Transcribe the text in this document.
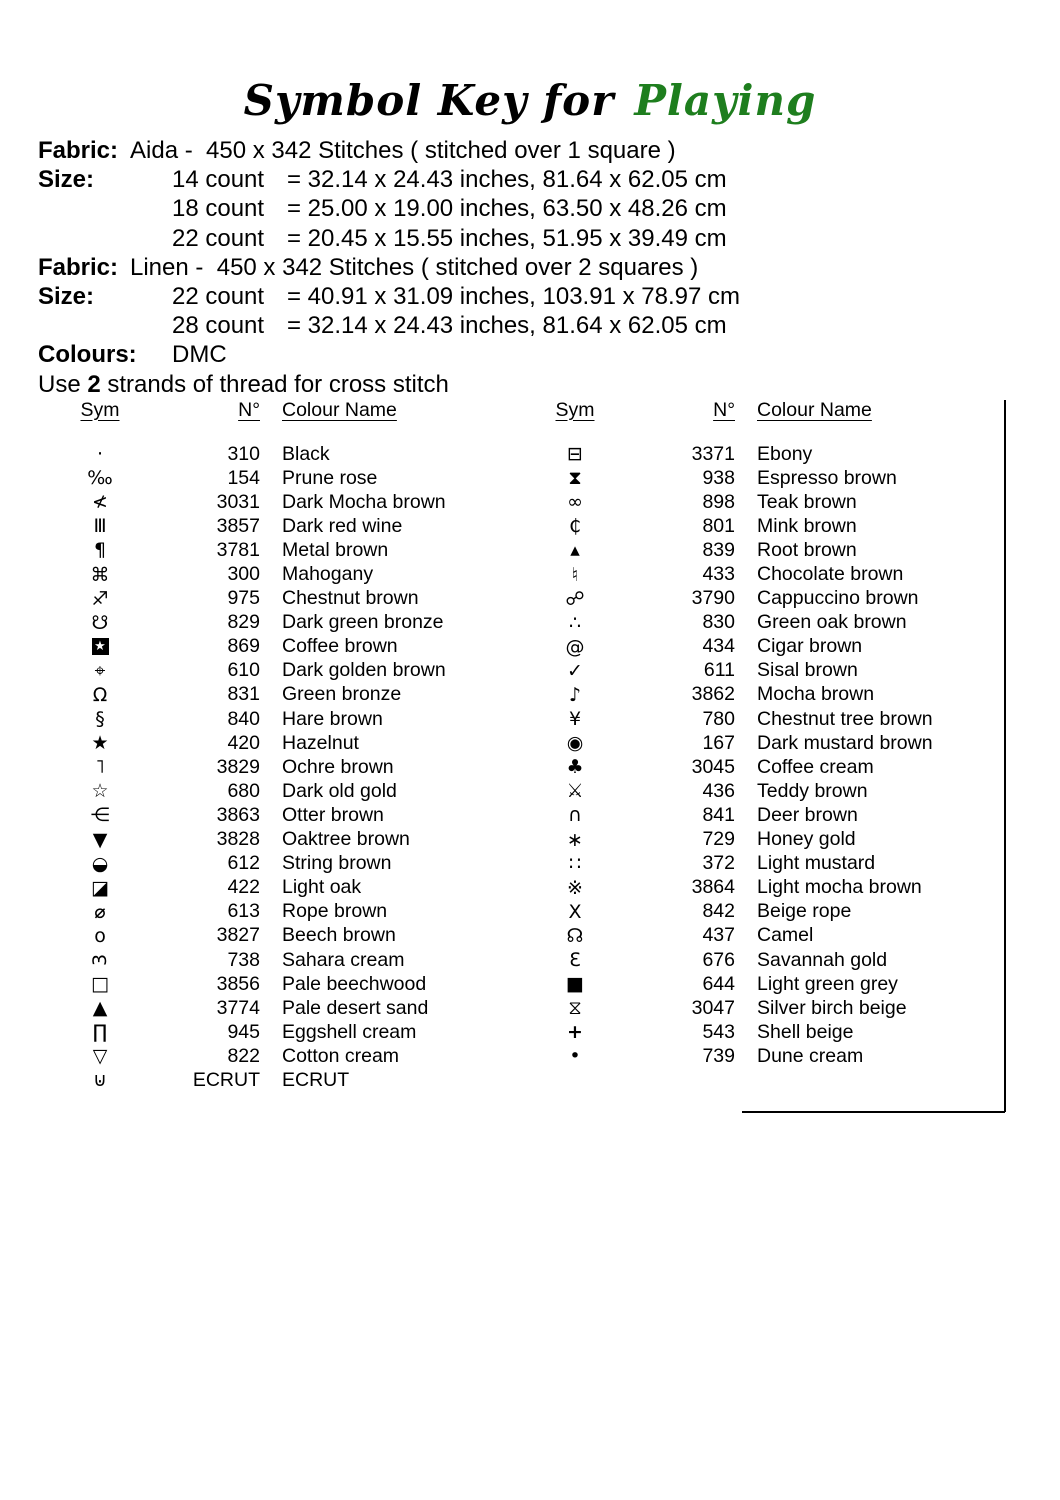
Symbol Key for Playing
Fabric: Aida -  450 x 342 Stitches ( stitched over 1 square )
Size:	14 count = 32.14 x 24.43 inches, 81.64 x 62.05 cm
18 count = 25.00 x 19.00 inches, 63.50 x 48.26 cm
22 count = 20.45 x 15.55 inches, 51.95 x 39.49 cm
Fabric: Linen -  450 x 342 Stitches ( stitched over 2 squares )
Size:	22 count = 40.91 x 31.09 inches, 103.91 x 78.97 cm
28 count = 32.14 x 24.43 inches, 81.64 x 62.05 cm
Colours: DMC
Use 2 strands of thread for cross stitch
Sym	N°	Colour Name
·	310	Black
‰	154	Prune rose
≮	3031	Dark Mocha brown
Ⅲ	3857	Dark red wine
¶	3781	Metal brown
⌘	300	Mahogany
♐	975	Chestnut brown
☋	829	Dark green bronze
★	869	Coffee brown
⌖	610	Dark golden brown
Ω	831	Green bronze
§	840	Hare brown
★	420	Hazelnut
˥	3829	Ochre brown
☆	680	Dark old gold
⋲	3863	Otter brown
▼	3828	Oaktree brown
◒	612	String brown
◪	422	Light oak
⌀	613	Rope brown
o	3827	Beech brown
3	738	Sahara cream
□	3856	Pale beechwood
▲	3774	Pale desert sand
∏	945	Eggshell cream
▽	822	Cotton cream
⊍	ECRUT	ECRUT
Sym	N°	Colour Name
⊟	3371	Ebony
⧗	938	Espresso brown
∞	898	Teak brown
₵	801	Mink brown
▴	839	Root brown
♮	433	Chocolate brown
☍	3790	Cappuccino brown
∴	830	Green oak brown
@	434	Cigar brown
✓	611	Sisal brown
♪	3862	Mocha brown
¥	780	Chestnut tree brown
◉	167	Dark mustard brown
♣	3045	Coffee cream
⚔	436	Teddy brown
∩	841	Deer brown
∗	729	Honey gold
∷	372	Light mustard
※	3864	Light mocha brown
X	842	Beige rope
☊	437	Camel
Ɛ	676	Savannah gold
■	644	Light green grey
⧖	3047	Silver birch beige
+	543	Shell beige
•	739	Dune cream
